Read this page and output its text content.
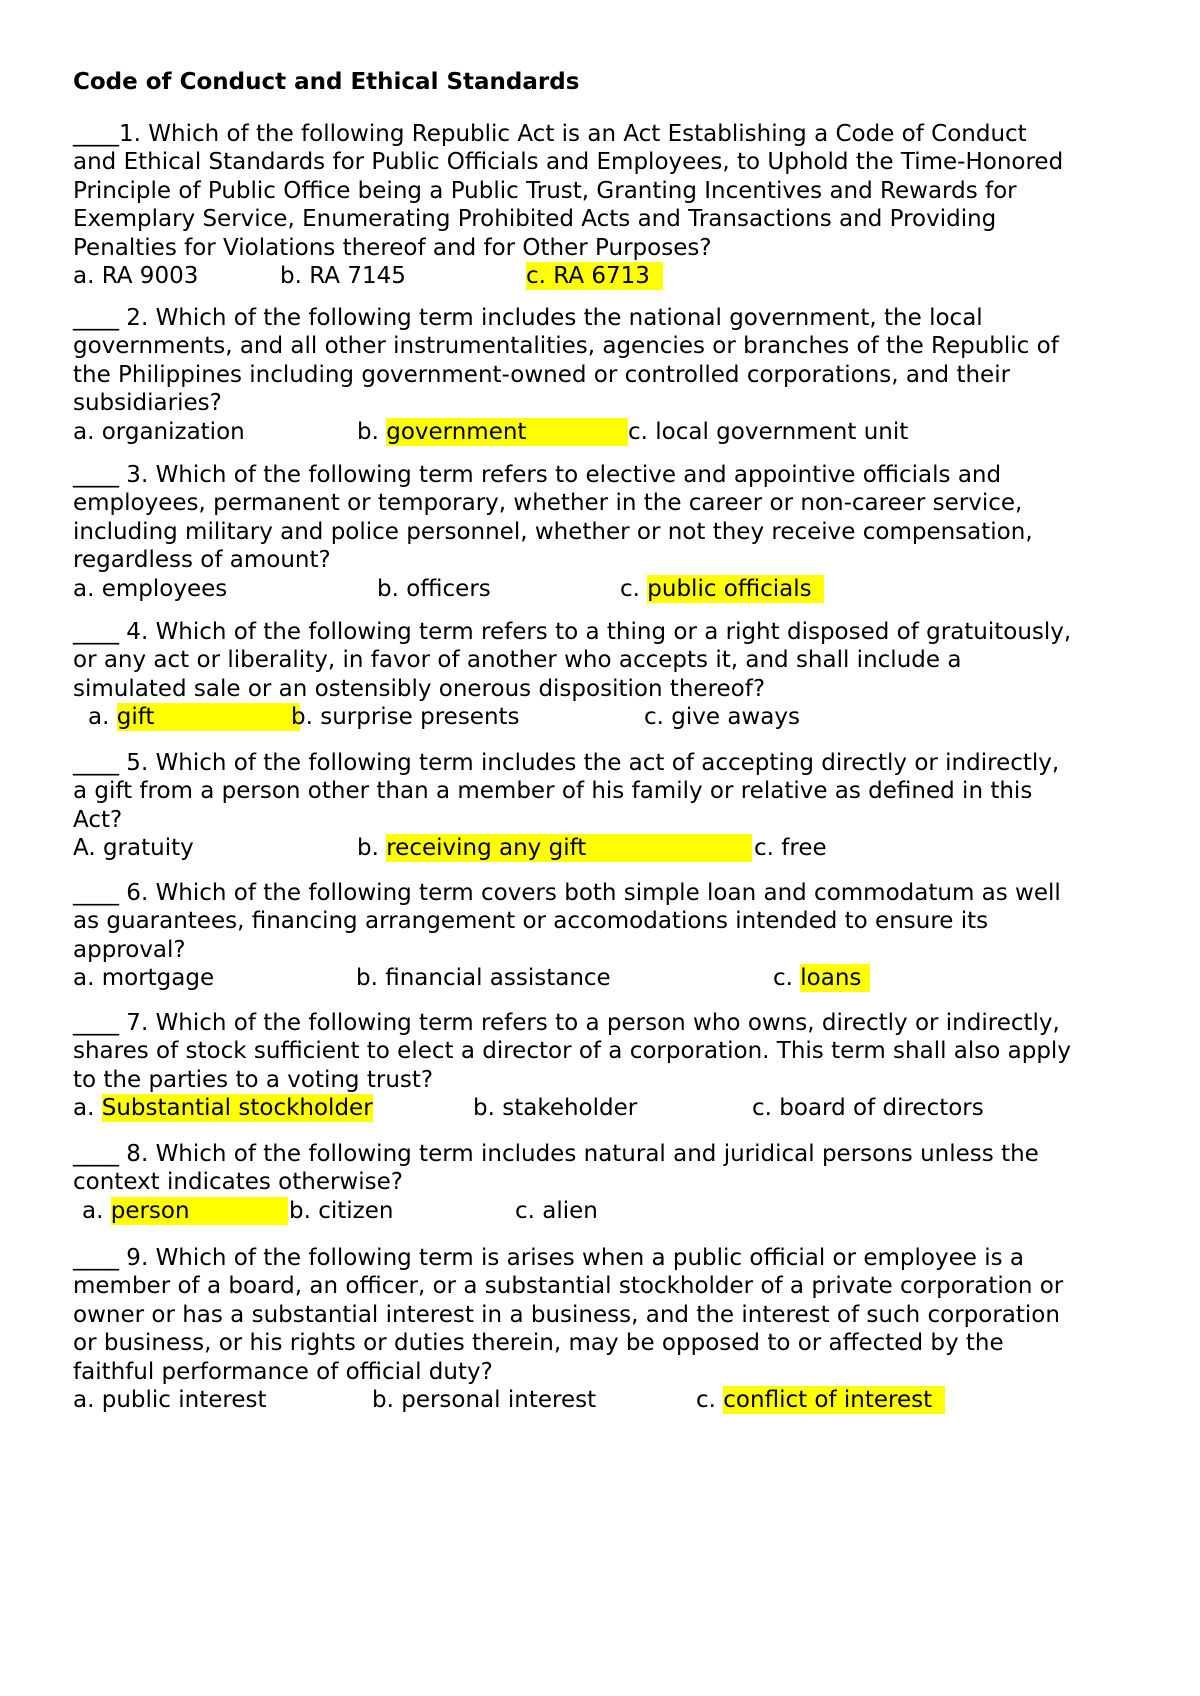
Code of Conduct and Ethical Standards
____1. Which of the following Republic Act is an Act Establishing a Code of Conduct
and Ethical Standards for Public Officials and Employees, to Uphold the Time-Honored
Principle of Public Office being a Public Trust, Granting Incentives and Rewards for
Exemplary Service, Enumerating Prohibited Acts and Transactions and Providing
Penalties for Violations thereof and for Other Purposes?
a. RA 9003	b. RA 7145	c. RA 6713
____ 2. Which of the following term includes the national government, the local
governments, and all other instrumentalities, agencies or branches of the Republic of
the Philippines including government-owned or controlled corporations, and their
subsidiaries?
a. organization	b. government	c. local government unit
____ 3. Which of the following term refers to elective and appointive officials and
employees, permanent or temporary, whether in the career or non-career service,
including military and police personnel, whether or not they receive compensation,
regardless of amount?
a. employees	b. officers	c. public officials
____ 4. Which of the following term refers to a thing or a right disposed of gratuitously,
or any act or liberality, in favor of another who accepts it, and shall include a
simulated sale or an ostensibly onerous disposition thereof?
a. gift	b. surprise presents	c. give aways
____ 5. Which of the following term includes the act of accepting directly or indirectly,
a gift from a person other than a member of his family or relative as defined in this
Act?
A. gratuity	b. receiving any gift	c. free
____ 6. Which of the following term covers both simple loan and commodatum as well
as guarantees, financing arrangement or accomodations intended to ensure its
approval?
a. mortgage	b. financial assistance	c. loans
____ 7. Which of the following term refers to a person who owns, directly or indirectly,
shares of stock sufficient to elect a director of a corporation. This term shall also apply
to the parties to a voting trust?
a. Substantial stockholder	b. stakeholder	c. board of directors
____ 8. Which of the following term includes natural and juridical persons unless the
context indicates otherwise?
a. person	b. citizen	c. alien
____ 9. Which of the following term is arises when a public official or employee is a
member of a board, an officer, or a substantial stockholder of a private corporation or
owner or has a substantial interest in a business, and the interest of such corporation
or business, or his rights or duties therein, may be opposed to or affected by the
faithful performance of official duty?
a. public interest	b. personal interest	c. conflict of interest
